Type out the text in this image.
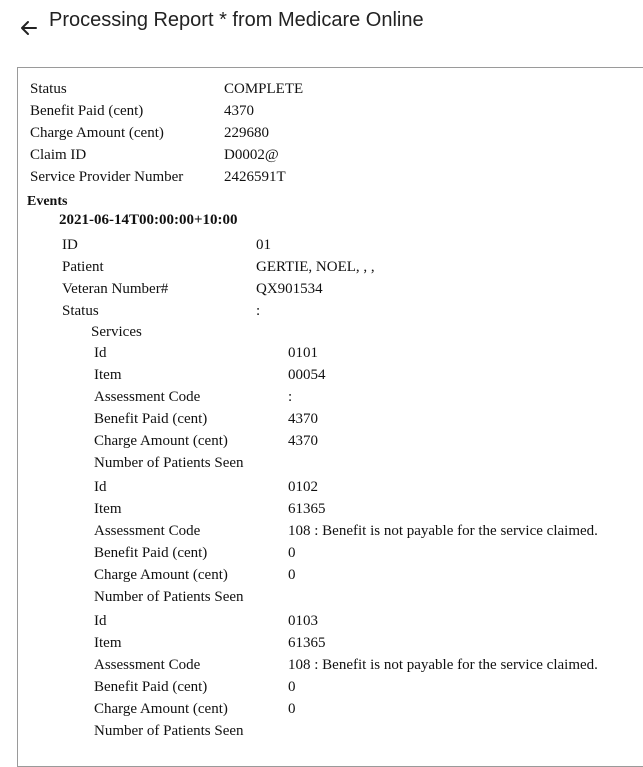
Processing Report * from Medicare Online
Status	COMPLETE
Benefit Paid (cent)	4370
Charge Amount (cent)	229680
Claim ID	D0002@
Service Provider Number	2426591T
Events
2021-06-14T00:00:00+10:00
ID	01
Patient	GERTIE, NOEL, , ,
Veteran Number#	QX901534
Status	:
Services
Id	0101
Item	00054
Assessment Code	:
Benefit Paid (cent)	4370
Charge Amount (cent)	4370
Number of Patients Seen
Id	0102
Item	61365
Assessment Code	108 : Benefit is not payable for the service claimed.
Benefit Paid (cent)	0
Charge Amount (cent)	0
Number of Patients Seen
Id	0103
Item	61365
Assessment Code	108 : Benefit is not payable for the service claimed.
Benefit Paid (cent)	0
Charge Amount (cent)	0
Number of Patients Seen
